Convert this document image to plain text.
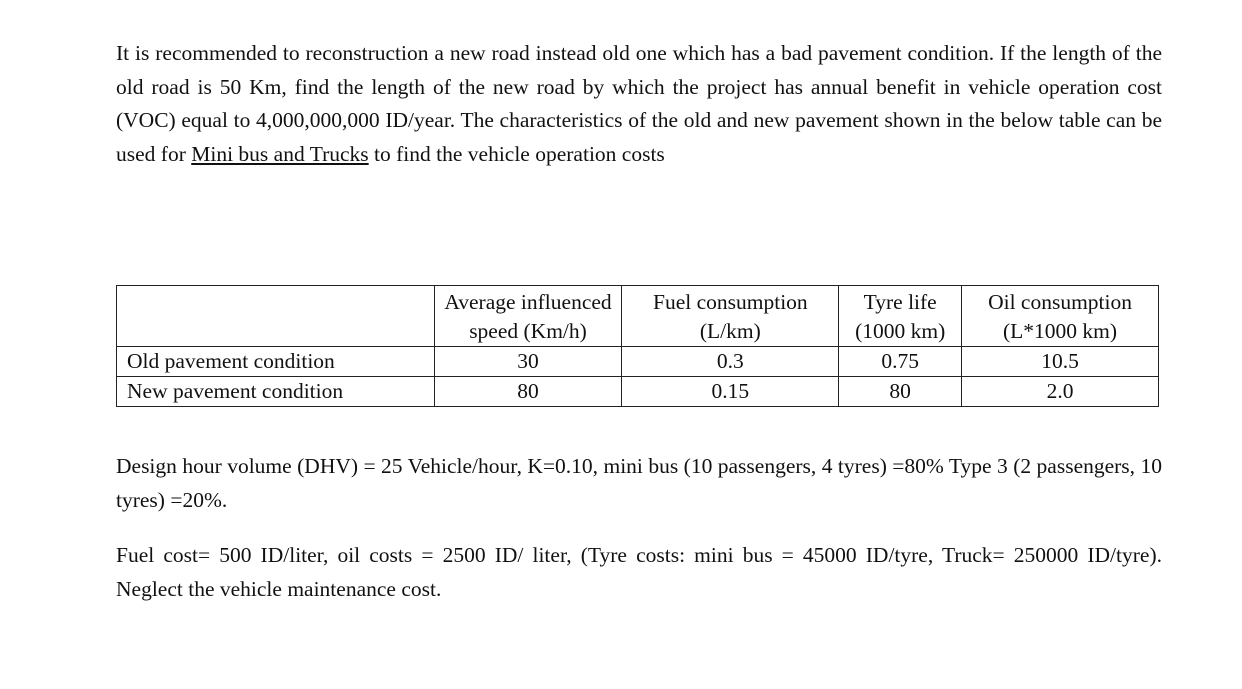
It is recommended to reconstruction a new road instead old one which has a bad pavement condition. If the length of the old road is 50 Km, find the length of the new road by which the project has annual benefit in vehicle operation cost (VOC) equal to 4,000,000,000 ID/year. The characteristics of the old and new pavement shown in the below table can be used for Mini bus and Trucks to find the vehicle operation costs

	Average influenced speed (Km/h)	Fuel consumption (L/km)	Tyre life (1000 km)	Oil consumption (L*1000 km)
Old pavement condition	30	0.3	0.75	10.5
New pavement condition	80	0.15	80	2.0

Design hour volume (DHV) = 25 Vehicle/hour, K=0.10, mini bus (10 passengers, 4 tyres) =80% Type 3 (2 passengers, 10 tyres) =20%.

Fuel cost= 500 ID/liter, oil costs = 2500 ID/ liter, (Tyre costs: mini bus = 45000 ID/tyre, Truck= 250000 ID/tyre). Neglect the vehicle maintenance cost.
